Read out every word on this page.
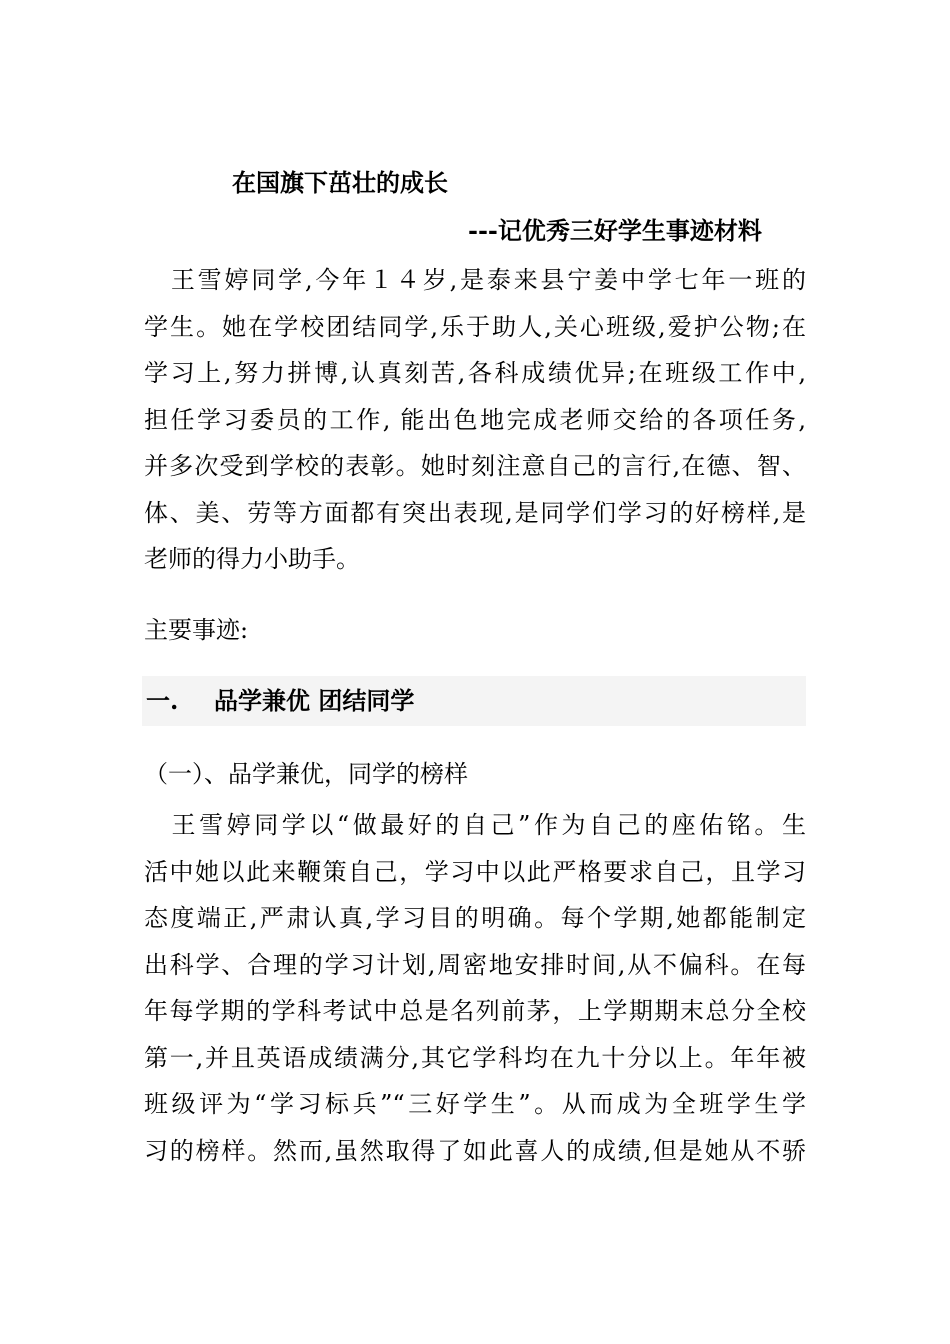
在国旗下茁壮的成长
---记优秀三好学生事迹材料
　王雪婷同学,今年１４岁,是泰来县宁姜中学七年一班的
学生。她在学校团结同学,乐于助人,关心班级,爱护公物;在
学习上,努力拼博,认真刻苦,各科成绩优异;在班级工作中,
担任学习委员的工作, 能出色地完成老师交给的各项任务,
并多次受到学校的表彰。她时刻注意自己的言行,在德、智、
体、美、劳等方面都有突出表现,是同学们学习的好榜样,是
老师的得力小助手。
主要事迹:
一. 品学兼优 团结同学
（一）、品学兼优，同学的榜样
　王雪婷同学以“做最好的自己”作为自己的座佑铭。生
活中她以此来鞭策自己，学习中以此严格要求自己，且学习
态度端正,严肃认真,学习目的明确。每个学期,她都能制定
出科学、合理的学习计划,周密地安排时间,从不偏科。在每
年每学期的学科考试中总是名列前茅，上学期期末总分全校
第一,并且英语成绩满分,其它学科均在九十分以上。年年被
班级评为“学习标兵”“三好学生”。从而成为全班学生学
习的榜样。然而,虽然取得了如此喜人的成绩,但是她从不骄
